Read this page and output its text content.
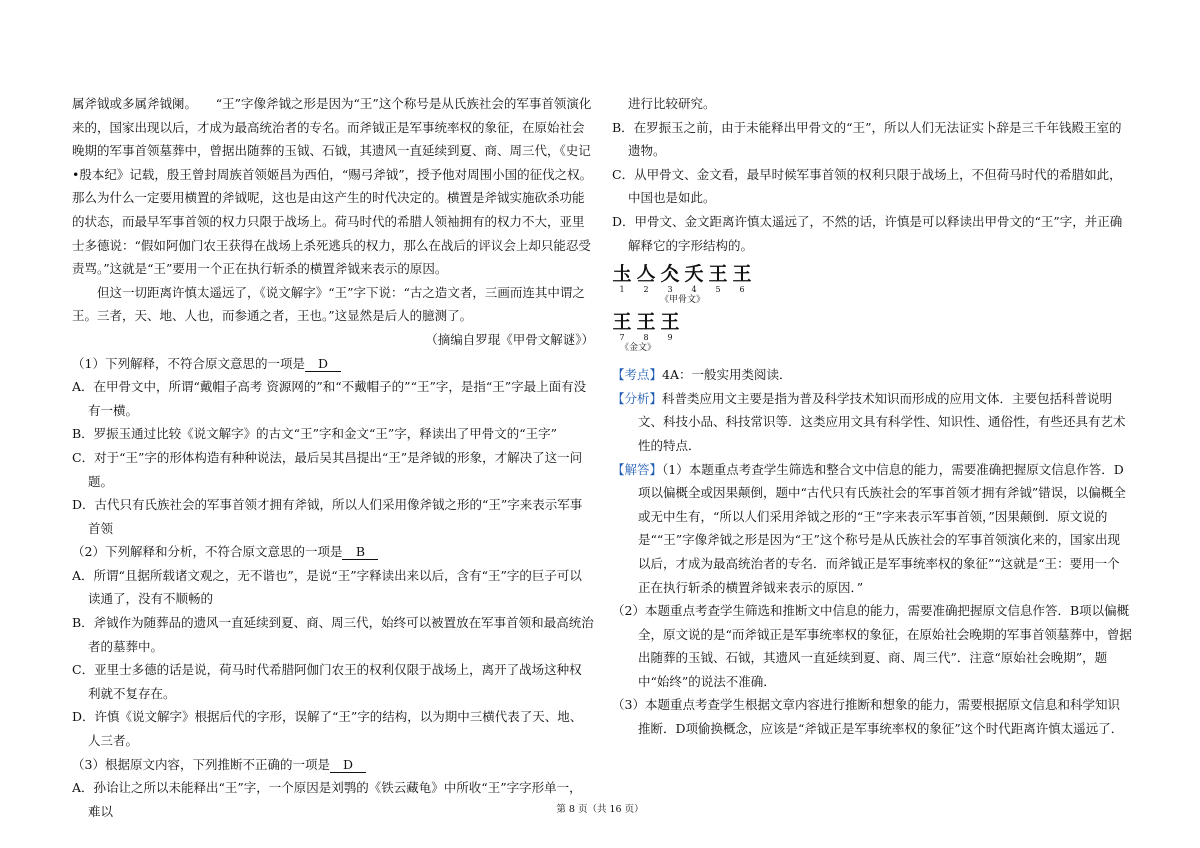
属斧钺或多属斧钺阑。　　“王”字像斧钺之形是因为“王”这个称号是从氏族社会的军事首领演化来的，国家出现以后，才成为最高统治者的专名。而斧钺正是军事统率权的象征，在原始社会晚期的军事首领墓葬中，曾据出随葬的玉钺、石钺，其遗风一直延续到夏、商、周三代，《史记•殷本纪》记载，殷王曾封周族首领姬昌为西伯，“赐弓斧钺”，授予他对周围小国的征伐之权。那么为什么一定要用横置的斧钺呢，这也是由这产生的时代决定的。横置是斧钺实施砍杀功能的状态，而最早军事首领的权力只限于战场上。荷马时代的希腊人领袖拥有的权力不大，亚里士多德说：“假如阿伽门农王获得在战场上杀死逃兵的权力，那么在战后的评议会上却只能忍受责骂。”这就是“王”要用一个正在执行斩杀的横置斧钺来表示的原因。

但这一切距离许慎太遥远了，《说文解字》“王”字下说：“古之造文者，三画而连其中谓之王。三者，天、地、人也，而参通之者，王也。”这显然是后人的臆测了。

（摘编自罗琨《甲骨文解谜》）

（1）下列解释，不符合原文意思的一项是 D

A．在甲骨文中，所谓“戴帽子高考 资源网的”和“不戴帽子的”“王”字，是指“王”字最上面有没有一横。

B．罗振玉通过比较《说文解字》的古文“王”字和金文“王”字，释读出了甲骨文的“王字”

C．对于“王”字的形体构造有种种说法，最后吴其昌提出“王”是斧钺的形象，才解决了这一问题。

D．古代只有氏族社会的军事首领才拥有斧钺，所以人们采用像斧钺之形的“王”字来表示军事首领

（2）下列解释和分析，不符合原文意思的一项是 B

A．所谓“且据所载诸文观之，无不谐也”，是说“王”字释读出来以后，含有“王”字的巨子可以读通了，没有不顺畅的

B．斧钺作为随葬品的遗风一直延续到夏、商、周三代，始终可以被置放在军事首领和最高统治者的墓葬中。

C．亚里士多德的话是说，荷马时代希腊阿伽门农王的权利仅限于战场上，离开了战场这种权利就不复存在。

D．许慎《说文解字》根据后代的字形，误解了“王”字的结构，以为期中三横代表了天、地、人三者。

（3）根据原文内容，下列推断不正确的一项是 D

A．孙诒让之所以未能释出“王”字，一个原因是刘鹗的《铁云藏龟》中所收“王”字字形单一，难以

进行比较研究。

B．在罗振玉之前，由于未能释出甲骨文的“王”，所以人们无法证实卜辞是三千年钱殿王室的遗物。

C．从甲骨文、金文看，最早时候军事首领的权利只限于战场上，不但荷马时代的希腊如此，中国也是如此。

D．甲骨文、金文距离许慎太遥远了，不然的话，许慎是可以释读出甲骨文的“王”字，并正确解释它的字形结构的。

圡
1
亼
2
仌
3
夭
4
王
5
王
6
《甲骨文》
王
7
王
8
王
9
《金文》

【考点】4A：一般实用类阅读．

【分析】科普类应用文主要是指为普及科学技术知识而形成的应用文体．主要包括科普说明文、科技小品、科技常识等．这类应用文具有科学性、知识性、通俗性，有些还具有艺术性的特点．

【解答】（1）本题重点考查学生筛选和整合文中信息的能力，需要准确把握原文信息作答．D项以偏概全或因果颠倒，题中“古代只有氏族社会的军事首领才拥有斧钺”错误，以偏概全或无中生有，“所以人们采用斧钺之形的“王”字来表示军事首领，”因果颠倒．原文说的是““王”字像斧钺之形是因为“王”这个称号是从氏族社会的军事首领演化来的，国家出现以后，才成为最高统治者的专名．而斧钺正是军事统率权的象征”“这就是“王：要用一个正在执行斩杀的横置斧钺来表示的原因．”

（2）本题重点考查学生筛选和推断文中信息的能力，需要准确把握原文信息作答．B项以偏概全，原文说的是“而斧钺正是军事统率权的象征，在原始社会晚期的军事首领墓葬中，曾据出随葬的玉钺、石钺，其遗风一直延续到夏、商、周三代”．注意“原始社会晚期”，题中“始终”的说法不准确．

（3）本题重点考查学生根据文章内容进行推断和想象的能力，需要根据原文信息和科学知识推断．D项偷换概念，应该是“斧钺正是军事统率权的象征”这个时代距离许慎太遥远了．

第 8 页（共 16 页）
